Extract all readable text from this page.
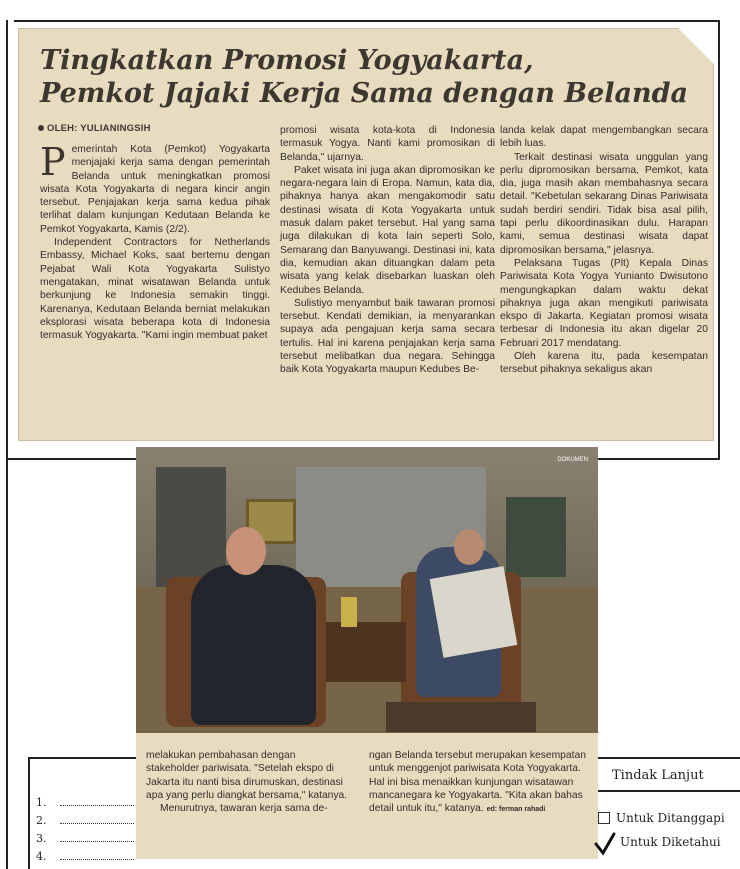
Tingkatkan Promosi Yogyakarta,
Pemkot Jajaki Kerja Sama dengan Belanda
OLEH: YULIANINGSIH

Pemerintah Kota (Pemkot) Yogyakarta menjajaki kerja sama dengan pemerintah Belanda untuk meningkatkan promosi wisata Kota Yogyakarta di negara kincir angin tersebut. Penjajakan kerja sama kedua pihak terlihat dalam kunjungan Kedutaan Belanda ke Pemkot Yogyakarta, Kamis (2/2).

Independent Contractors for Netherlands Embassy, Michael Koks, saat bertemu dengan Pejabat Wali Kota Yogyakarta Sulistyo mengatakan, minat wisatawan Belanda untuk berkunjung ke Indonesia semakin tinggi. Karenanya, Kedutaan Belanda berniat melakukan eksplorasi wisata beberapa kota di Indonesia termasuk Yogyakarta. "Kami ingin membuat paket

promosi wisata kota-kota di Indonesia termasuk Yogya. Nanti kami promosikan di Belanda," ujarnya.

Paket wisata ini juga akan dipromosikan ke negara-negara lain di Eropa. Namun, kata dia, pihaknya hanya akan mengakomodir satu destinasi wisata di Kota Yogyakarta untuk masuk dalam paket tersebut. Hal yang sama juga dilakukan di kota lain seperti Solo, Semarang dan Banyuwangi. Destinasi ini, kata dia, kemudian akan dituangkan dalam peta wisata yang kelak disebarkan luaskan oleh Kedubes Belanda.

Sulistiyo menyambut baik tawaran promosi tersebut. Kendati demikian, ia menyarankan supaya ada pengajuan kerja sama secara tertulis. Hal ini karena penjajakan kerja sama tersebut melibatkan dua negara. Sehingga baik Kota Yogyakarta maupun Kedubes Be-

landa kelak dapat mengembangkan secara lebih luas.

Terkait destinasi wisata unggulan yang perlu dipromosikan bersama, Pemkot, kata dia, juga masih akan membahasnya secara detail. "Kebetulan sekarang Dinas Pariwisata sudah berdiri sendiri. Tidak bisa asal pilih, tapi perlu dikoordinasikan dulu. Harapan kami, semua destinasi wisata dapat dipromosikan bersama," jelasnya.

Pelaksana Tugas (Plt) Kepala Dinas Pariwisata Kota Yogya Yunianto Dwisutono mengungkapkan dalam waktu dekat pihaknya juga akan mengikuti pariwisata ekspo di Jakarta. Kegiatan promosi wisata terbesar di Indonesia itu akan digelar 20 Februari 2017 mendatang.

Oleh karena itu, pada kesempatan tersebut pihaknya sekaligus akan

DOKUMEN

melakukan pembahasan dengan stakeholder pariwisata. "Setelah ekspo di Jakarta itu nanti bisa dirumuskan, destinasi apa yang perlu diangkat bersama," katanya.

Menurutnya, tawaran kerja sama de-

ngan Belanda tersebut merupakan kesempatan untuk menggenjot pariwisata Kota Yogyakarta. Hal ini bisa menaikkan kunjungan wisatawan mancanegara ke Yogyakarta. "Kita akan bahas detail untuk itu," katanya. ed: ferman rahadi

1.
2.
3.
4.
Tindak Lanjut
Untuk Ditanggapi
Untuk Diketahui
